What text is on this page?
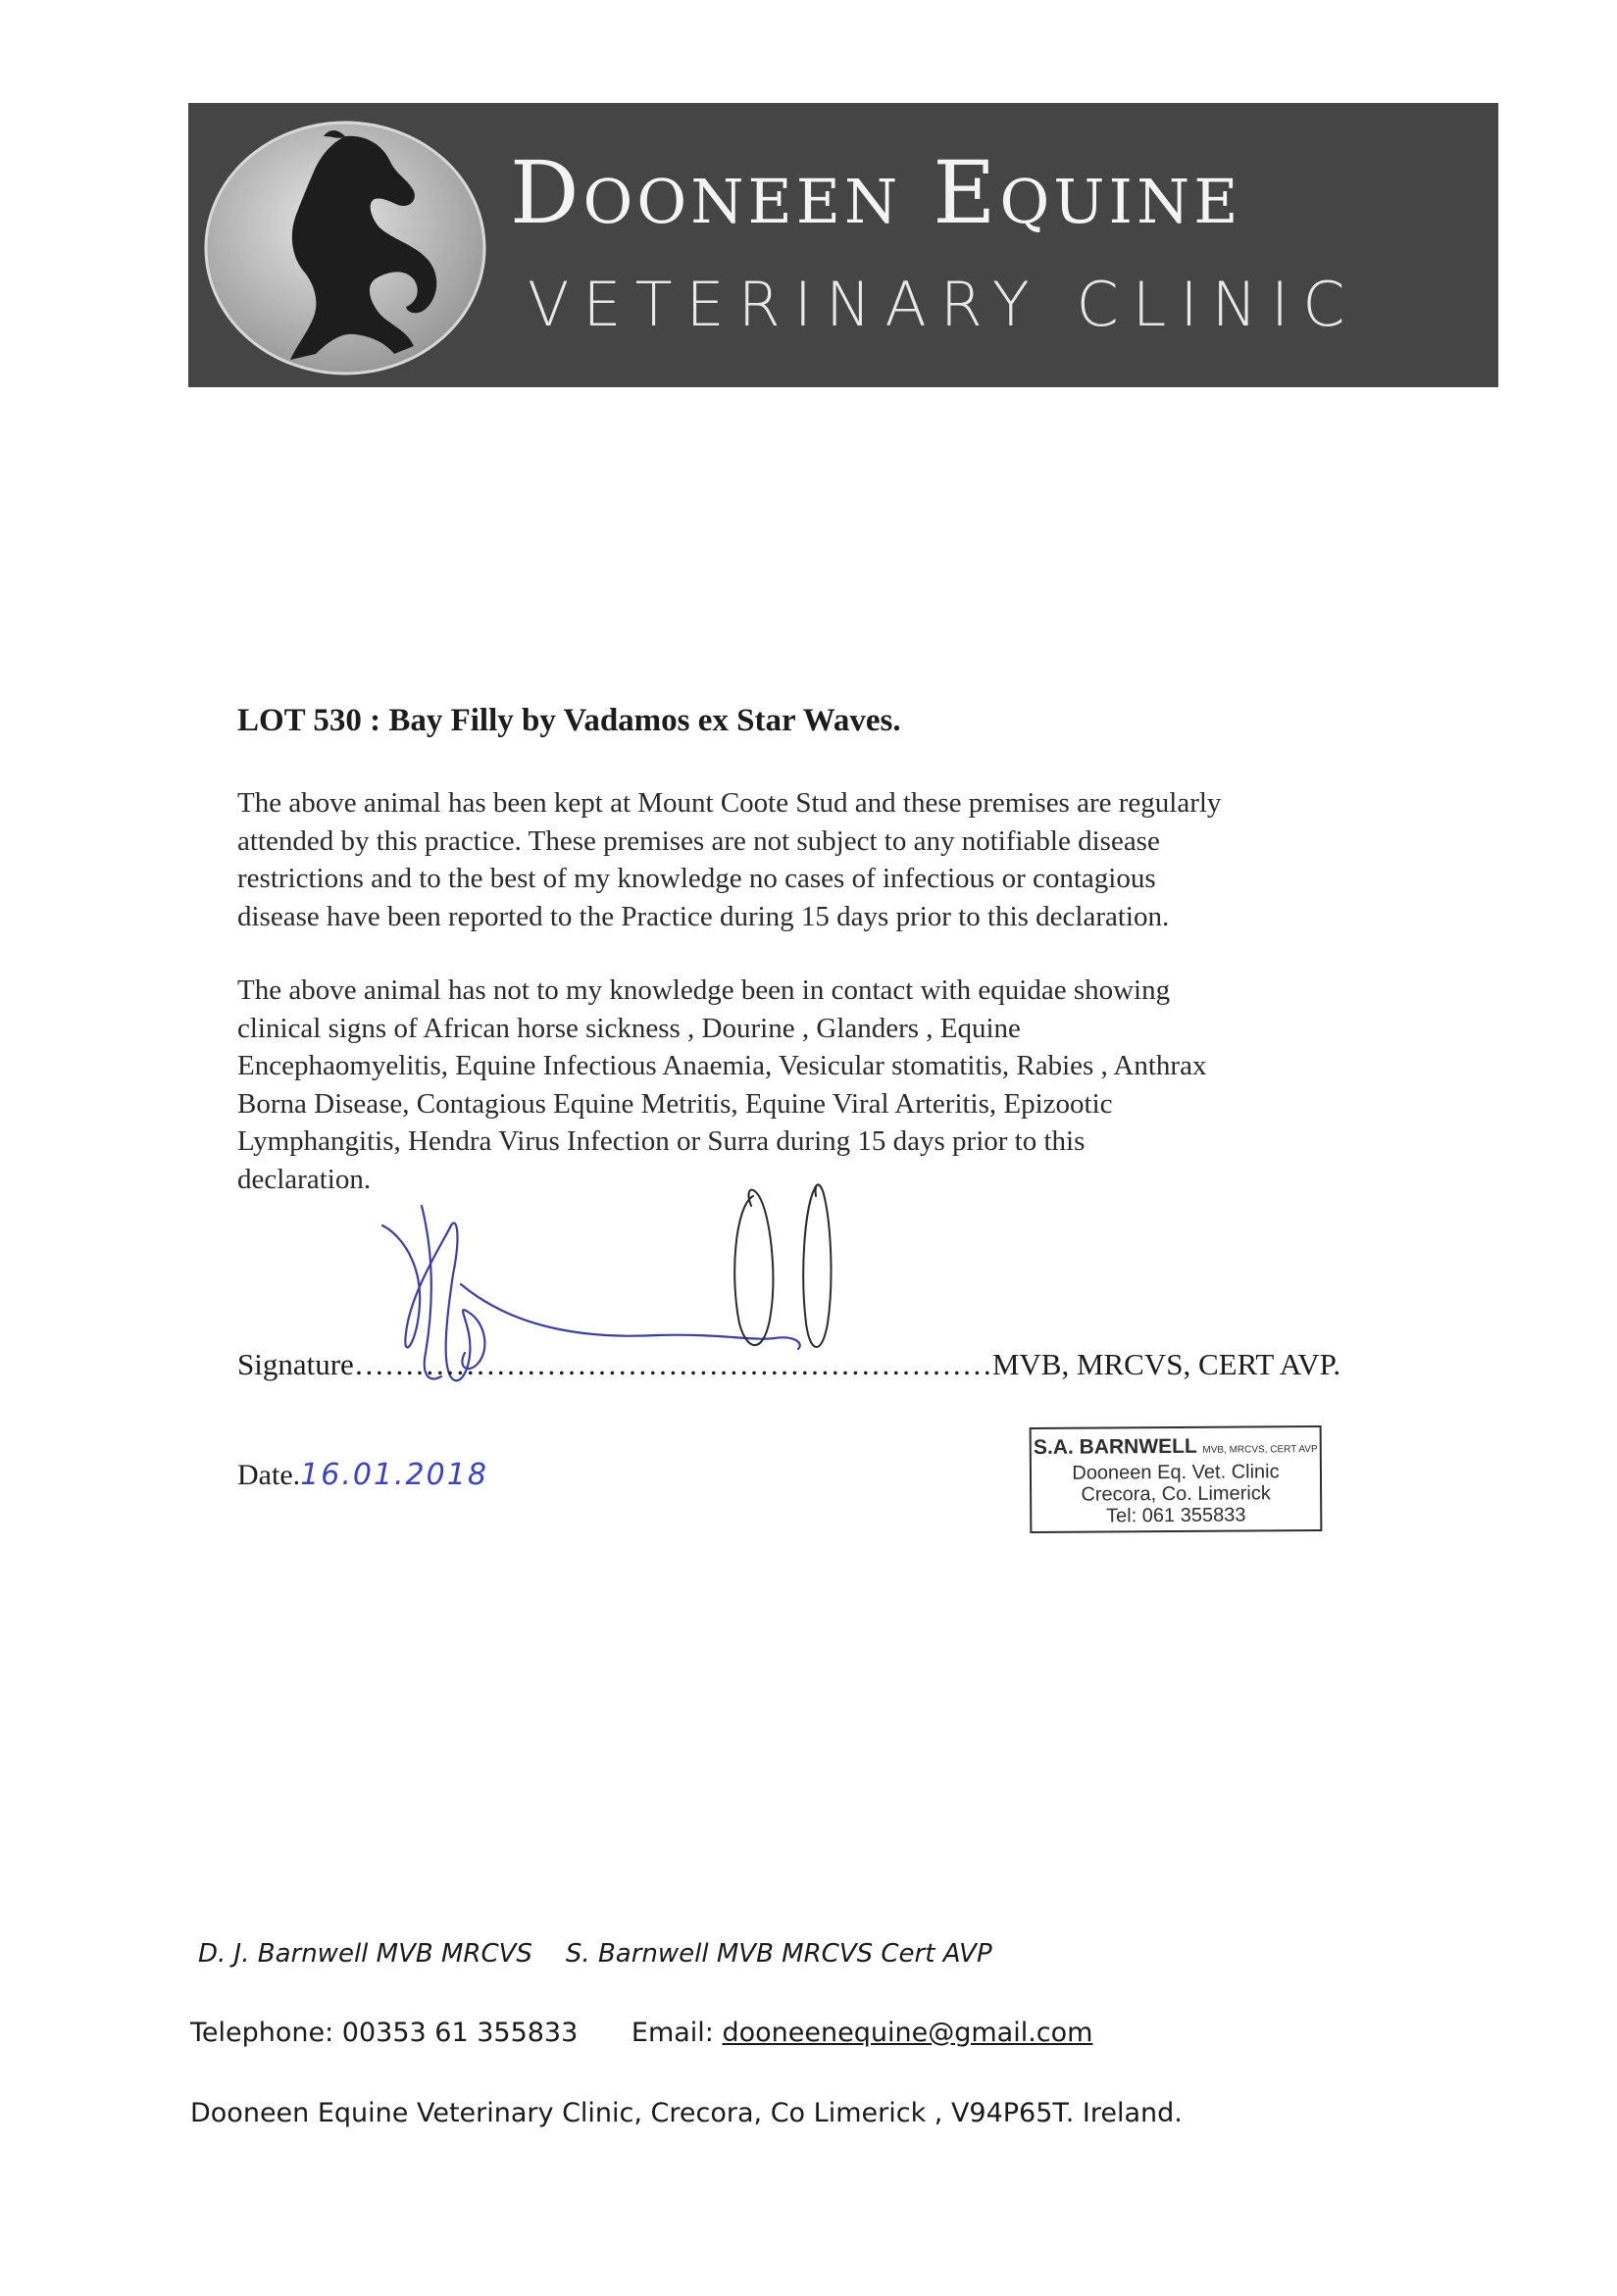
Dooneen Equine
VETERINARY CLINIC
LOT 530 : Bay Filly by Vadamos ex Star Waves.
The above animal has been kept at Mount Coote Stud and these premises are regularly
attended by this practice. These premises are not subject to any notifiable disease
restrictions and to the best of my knowledge no cases of infectious or contagious
disease have been reported to the Practice during 15 days prior to this declaration.
The above animal has not to my knowledge been in contact with equidae showing
clinical signs of African horse sickness , Dourine , Glanders , Equine
Encephaomyelitis, Equine Infectious Anaemia, Vesicular stomatitis, Rabies , Anthrax
Borna Disease, Contagious Equine Metritis, Equine Viral Arteritis, Epizootic
Lymphangitis, Hendra Virus Infection or Surra during 15 days prior to this
declaration.
Signature………………………………………………………MVB, MRCVS, CERT AVP.
Date.16.01.2018
S.A. BARNWELL MVB, MRCVS, CERT AVP
Dooneen Eq. Vet. Clinic
Crecora, Co. Limerick
Tel: 061 355833
D. J. Barnwell MVB MRCVS S. Barnwell MVB MRCVS Cert AVP
Telephone: 00353 61 355833 Email: dooneenequine@gmail.com
Dooneen Equine Veterinary Clinic, Crecora, Co Limerick , V94P65T. Ireland.
